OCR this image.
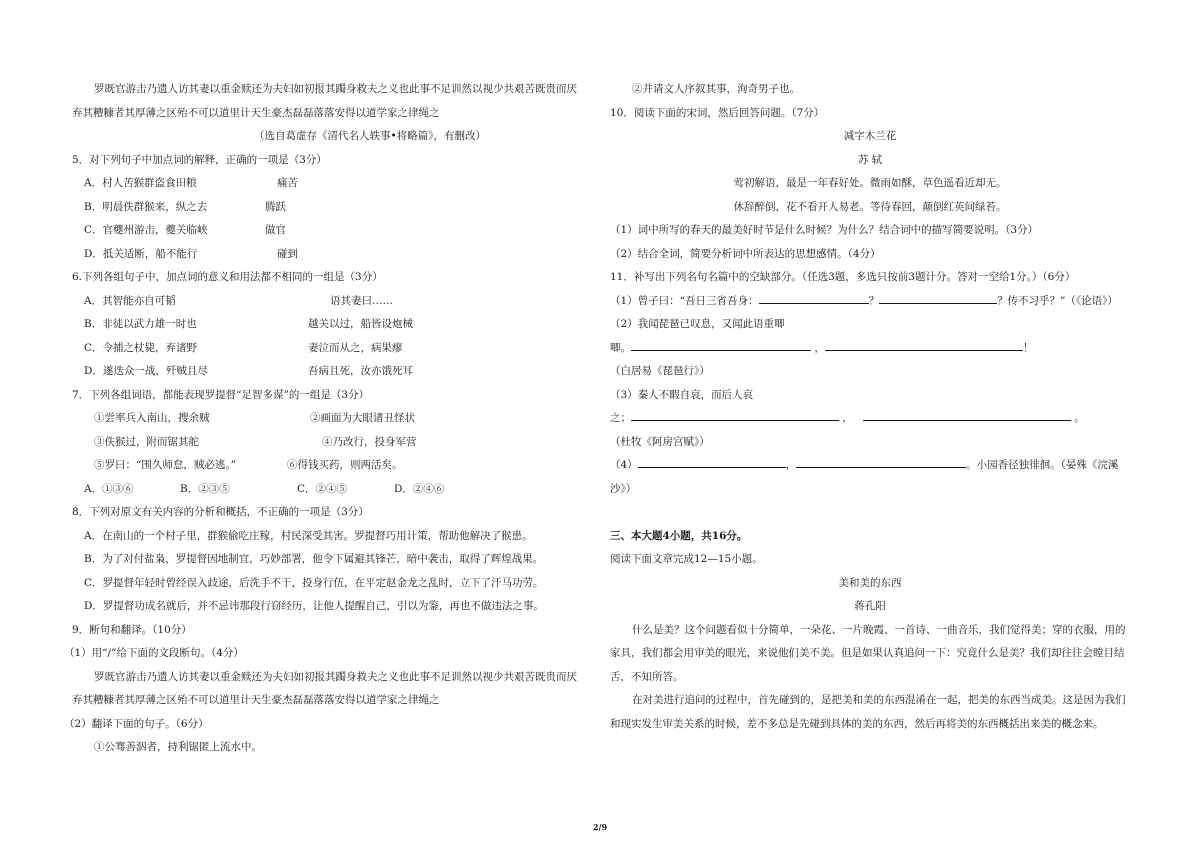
罗既官游击乃遗人访其妻以重金赎还为夫妇如初报其躅身救夫之义也此事不足训然以视少共艰苦既贵而厌
弃其糟糠者其厚薄之区殆不可以道里计天生豪杰磊磊落落安得以道学家之律绳之
（选自葛虚存《清代名人轶事•将略篇》，有删改）
5．对下列句子中加点词的解释，正确的一项是（3分）
A．村人苦猴群盗食田粮	痛苦
B．明晨佚群猴来，纵之去	腾跃
C．官夔州游击，夔关临峡	做官
D．抵关适断，船不能行	碰到
6.下列各组句子中，加点词的意义和用法都不相同的一组是（3分）
A．其智能亦自可韬	语其妻曰……
B．非徒以武力雄一时也	越关以过，船皆设炮械
C．令捕之杖毙，弃诸野	妻泣而从之，病果瘳
D．遂迭众一战，歼贼且尽	吾病且死，汝亦饿死耳
7．下列各组词语，都能表现罗提督“足智多谋”的一组是（3分）
①尝率兵入南山，搜余贼	②画面为大眼诸丑怪状
③佚猴过，附而锯其舵	④乃改行，投身军营
⑤罗曰：“围久师怠，贼必逃。”	⑥得钱买药，则两活矣。
A．①③⑥	B．②③⑤	C．②④⑤	D．②④⑥
8．下列对原文有关内容的分析和概括，不正确的一项是（3分）
A．在南山的一个村子里，群猴偷吃庄稼，村民深受其害。罗提督巧用计策，帮助他解决了猴患。
B．为了对付盐枭，罗提督因地制宜，巧妙部署，他令下属避其锋芒，暗中袭击，取得了辉煌战果。
C．罗提督年轻时曾经误入歧途，后洗手不干，投身行伍，在平定赵金龙之乱时，立下了汗马功劳。
D．罗提督功成名就后，并不忌讳那段行窃经历，让他人提醒自己，引以为鉴，再也不做违法之事。
9．断句和翻译。（10分）
（1）用“/”给下面的文段断句。（4分）
罗既官游击乃遗人访其妻以重金赎还为夫妇如初报其躅身救夫之义也此事不足训然以视少共艰苦既贵而厌
弃其糟糠者其厚薄之区殆不可以道里计天生豪杰磊磊落落安得以道学家之律绳之
（2）翻译下面的句子。（6分）
①公骞善泅者，持利锯匿上流水中。
②并请文人序叙其事，洵奇男子也。
10．阅读下面的宋词，然后回答问题。（7分）
减字木兰花
苏 轼
莺初解语，最是一年春好处。微雨如酥，草色遥看近却无。
休辞醉倒，花不看开人易老。等待春回，颠倒红英间绿苔。
（1）词中所写的春天的最美好时节是什么时候？为什么？结合词中的描写简要说明。（3分）
（2）结合全词，简要分析词中所表达的思想感情。（4分）
11．补写出下列名句名篇中的空缺部分。（任选3题，多选只按前3题计分。答对一空给1分。）（6分）
（1）曾子曰：“吾日三省吾身：	？	？传不习乎？”（《论语》）
（2）我闻琵琶已叹息，又闻此语重唧
唧。	，	！
（白居易《琵琶行》）
（3）秦人不暇自哀，而后人哀
之；	，	。
（杜牧《阿房宫赋》）
（4）	，	。小园香径独徘徊。（晏殊《浣溪
沙》）
三、本大题4小题，共16分。
阅读下面文章完成12—15小题。
美和美的东西
蒋孔阳
什么是美？这个问题看似十分简单，一朵花、一片晚霞、一首诗、一曲音乐，我们觉得美；穿的衣服，用的
家具，我们都会用审美的眼光，来说他们美不美。但是如果认真追问一下：究竟什么是美？我们却往往会瞠目结
舌，不知所答。
在对美进行追问的过程中，首先碰到的，是把美和美的东西混淆在一起，把美的东西当成美。这是因为我们
和现实发生审美关系的时候，差不多总是先碰到具体的美的东西，然后再将美的东西概括出来美的概念来。
2/9
